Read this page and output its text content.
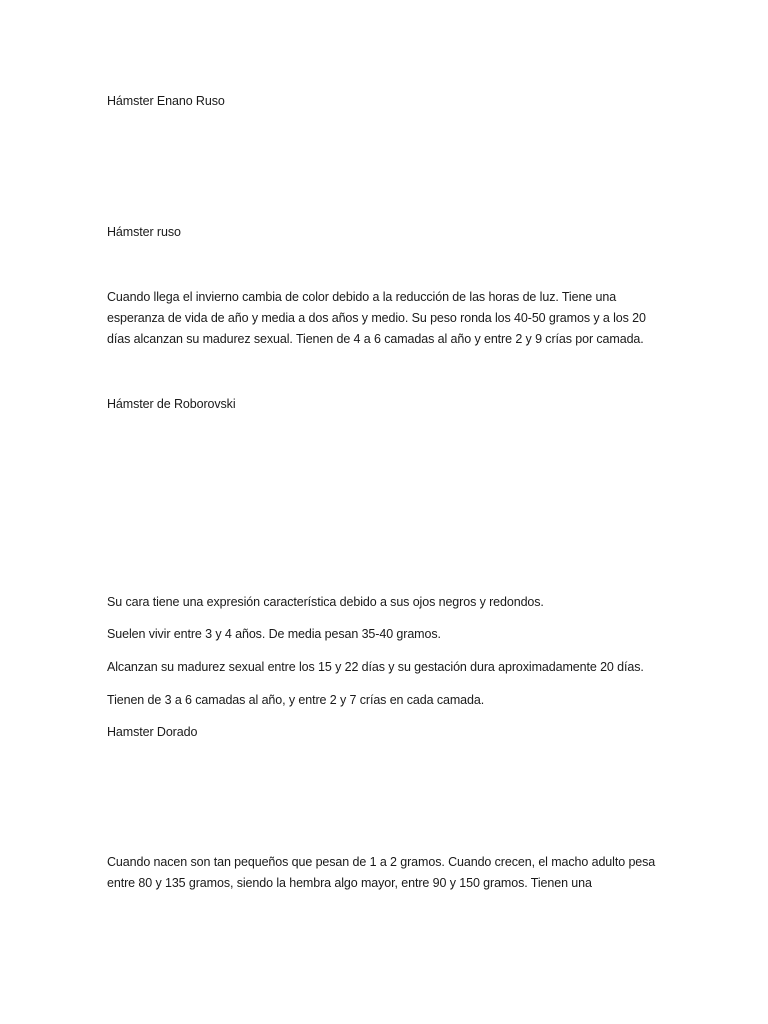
Hámster Enano Ruso

Hámster ruso

Cuando llega el invierno cambia de color debido a la reducción de las horas de luz. Tiene una esperanza de vida de año y media a dos años y medio. Su peso ronda los 40-50 gramos y a los 20 días alcanzan su madurez sexual. Tienen de 4 a 6 camadas al año y entre 2 y 9 crías por camada.

Hámster de Roborovski

Su cara tiene una expresión característica debido a sus ojos negros y redondos.

Suelen vivir entre 3 y 4 años. De media pesan 35-40 gramos.

Alcanzan su madurez sexual entre los 15 y 22 días y su gestación dura aproximadamente 20 días.

Tienen de 3 a 6 camadas al año, y entre 2 y 7 crías en cada camada.

Hamster Dorado

Cuando nacen son tan pequeños que pesan de 1 a 2 gramos. Cuando crecen, el macho adulto pesa entre 80 y 135 gramos, siendo la hembra algo mayor, entre 90 y 150 gramos. Tienen una
